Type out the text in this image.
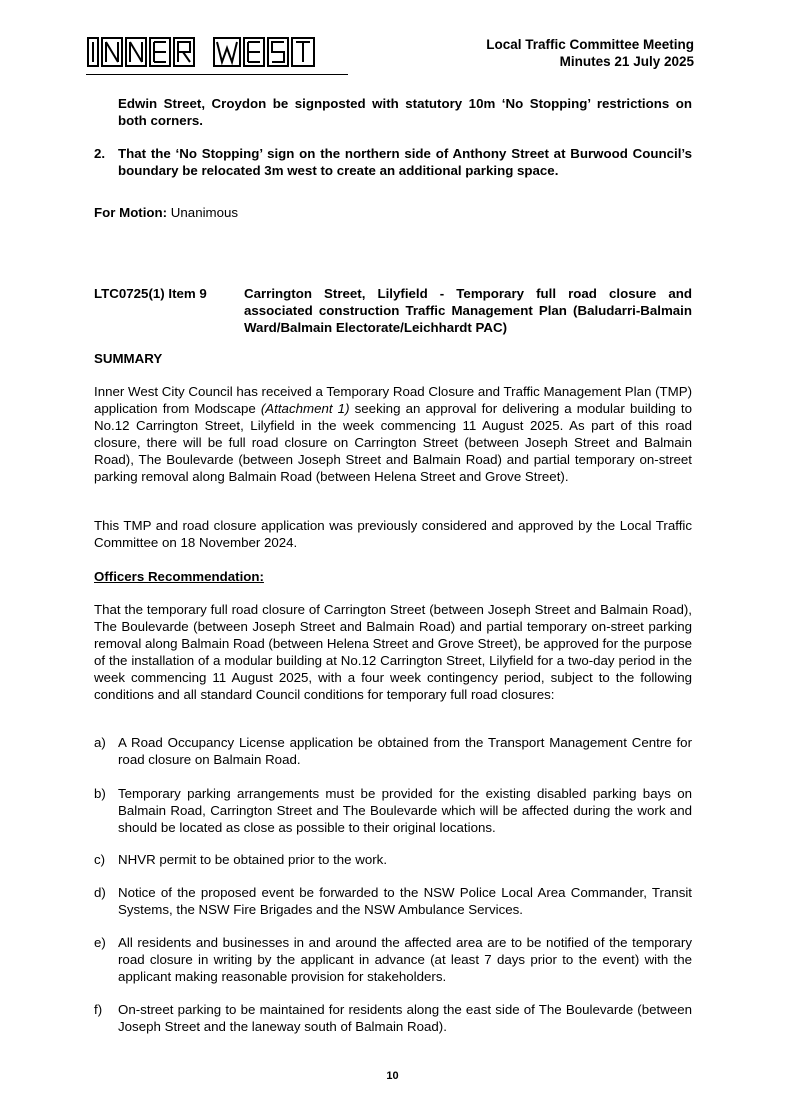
Local Traffic Committee Meeting
Minutes 21 July 2025
Edwin Street, Croydon be signposted with statutory 10m ‘No Stopping’ restrictions on both corners.
2. That the ‘No Stopping’ sign on the northern side of Anthony Street at Burwood Council’s boundary be relocated 3m west to create an additional parking space.
For Motion: Unanimous
LTC0725(1) Item 9	Carrington Street, Lilyfield - Temporary full road closure and associated construction Traffic Management Plan (Baludarri-Balmain Ward/Balmain Electorate/Leichhardt PAC)
SUMMARY
Inner West City Council has received a Temporary Road Closure and Traffic Management Plan (TMP) application from Modscape (Attachment 1) seeking an approval for delivering a modular building to No.12 Carrington Street, Lilyfield in the week commencing 11 August 2025. As part of this road closure, there will be full road closure on Carrington Street (between Joseph Street and Balmain Road), The Boulevarde (between Joseph Street and Balmain Road) and partial temporary on-street parking removal along Balmain Road (between Helena Street and Grove Street).
This TMP and road closure application was previously considered and approved by the Local Traffic Committee on 18 November 2024.
Officers Recommendation:
That the temporary full road closure of Carrington Street (between Joseph Street and Balmain Road), The Boulevarde (between Joseph Street and Balmain Road) and partial temporary on-street parking removal along Balmain Road (between Helena Street and Grove Street), be approved for the purpose of the installation of a modular building at No.12 Carrington Street, Lilyfield for a two-day period in the week commencing 11 August 2025, with a four week contingency period, subject to the following conditions and all standard Council conditions for temporary full road closures:
a) A Road Occupancy License application be obtained from the Transport Management Centre for road closure on Balmain Road.
b) Temporary parking arrangements must be provided for the existing disabled parking bays on Balmain Road, Carrington Street and The Boulevarde which will be affected during the work and should be located as close as possible to their original locations.
c) NHVR permit to be obtained prior to the work.
d) Notice of the proposed event be forwarded to the NSW Police Local Area Commander, Transit Systems, the NSW Fire Brigades and the NSW Ambulance Services.
e) All residents and businesses in and around the affected area are to be notified of the temporary road closure in writing by the applicant in advance (at least 7 days prior to the event) with the applicant making reasonable provision for stakeholders.
f)	On-street parking to be maintained for residents along the east side of The Boulevarde (between Joseph Street and the laneway south of Balmain Road).
10
